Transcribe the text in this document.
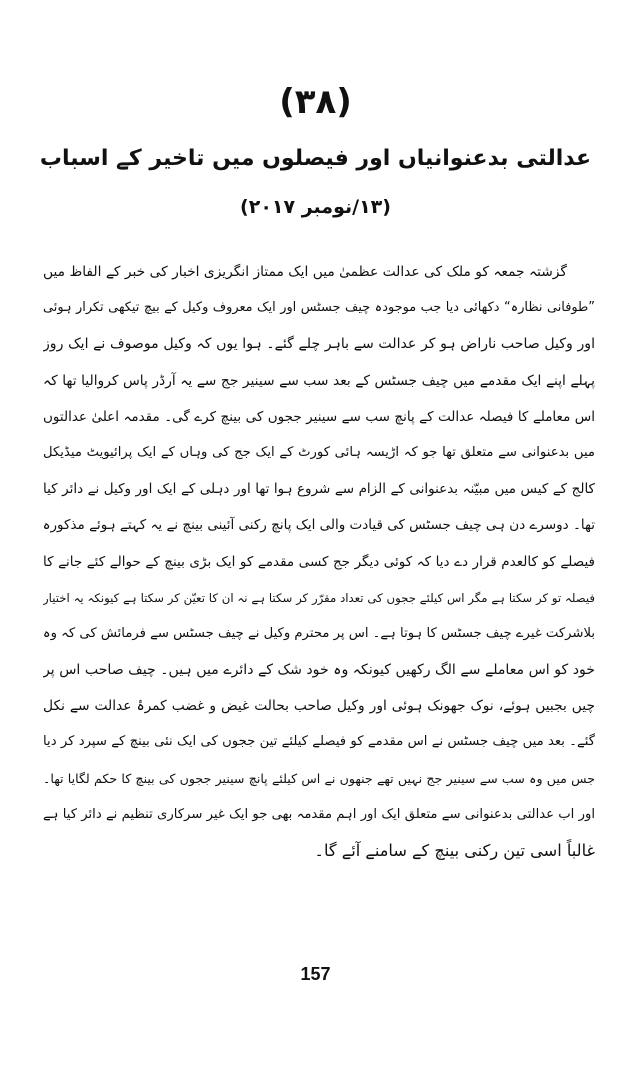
(۳۸)
عدالتی بدعنوانیاں اور فیصلوں میں تاخیر کے اسباب
(۱۳/نومبر ۲۰۱۷)
گزشتہ جمعہ کو ملک کی عدالت عظمیٰ میں ایک ممتاز انگریزی اخبار کی خبر کے الفاظ میں
”طوفانی نظارہ“ دکھائی دیا جب موجودہ چیف جسٹس اور ایک معروف وکیل کے بیچ تیکھی تکرار ہوئی
اور وکیل صاحب ناراض ہو کر عدالت سے باہر چلے گئے۔ ہوا یوں کہ وکیل موصوف نے ایک روز
پہلے اپنے ایک مقدمے میں چیف جسٹس کے بعد سب سے سینیر جج سے یہ آرڈر پاس کروالیا تھا کہ
اس معاملے کا فیصلہ عدالت کے پانچ سب سے سینیر ججوں کی بینچ کرے گی۔ مقدمہ اعلیٰ عدالتوں
میں بدعنوانی سے متعلق تھا جو کہ اڑیسہ ہائی کورٹ کے ایک جج کی وہاں کے ایک پرائیویٹ میڈیکل
کالج کے کیس میں مبیّنہ بدعنوانی کے الزام سے شروع ہوا تھا اور دہلی کے ایک اور وکیل نے دائر کیا
تھا۔ دوسرے دن ہی چیف جسٹس کی قیادت والی ایک پانچ رکنی آئینی بینچ نے یہ کہتے ہوئے مذکورہ
فیصلے کو کالعدم قرار دے دیا کہ کوئی دیگر جج کسی مقدمے کو ایک بڑی بینچ کے حوالے کئے جانے کا
فیصلہ تو کر سکتا ہے مگر اس کیلئے ججوں کی تعداد مقرّر کر سکتا ہے نہ ان کا تعیّن کر سکتا ہے کیونکہ یہ اختیار
بلاشرکت غیرے چیف جسٹس کا ہوتا ہے۔ اس پر محترم وکیل نے چیف جسٹس سے فرمائش کی کہ وہ
خود کو اس معاملے سے الگ رکھیں کیونکہ وہ خود شک کے دائرے میں ہیں۔ چیف صاحب اس پر
چیں بجبیں ہوئے، نوک جھونک ہوئی اور وکیل صاحب بحالت غیض و غضب کمرۂ عدالت سے نکل
گئے۔ بعد میں چیف جسٹس نے اس مقدمے کو فیصلے کیلئے تین ججوں کی ایک نئی بینچ کے سپرد کر دیا
جس میں وہ سب سے سینیر جج نہیں تھے جنھوں نے اس کیلئے پانچ سینیر ججوں کی بینچ کا حکم لگایا تھا۔
اور اب عدالتی بدعنوانی سے متعلق ایک اور اہم مقدمہ بھی جو ایک غیر سرکاری تنظیم نے دائر کیا ہے
غالباً اسی تین رکنی بینچ کے سامنے آئے گا۔
157
